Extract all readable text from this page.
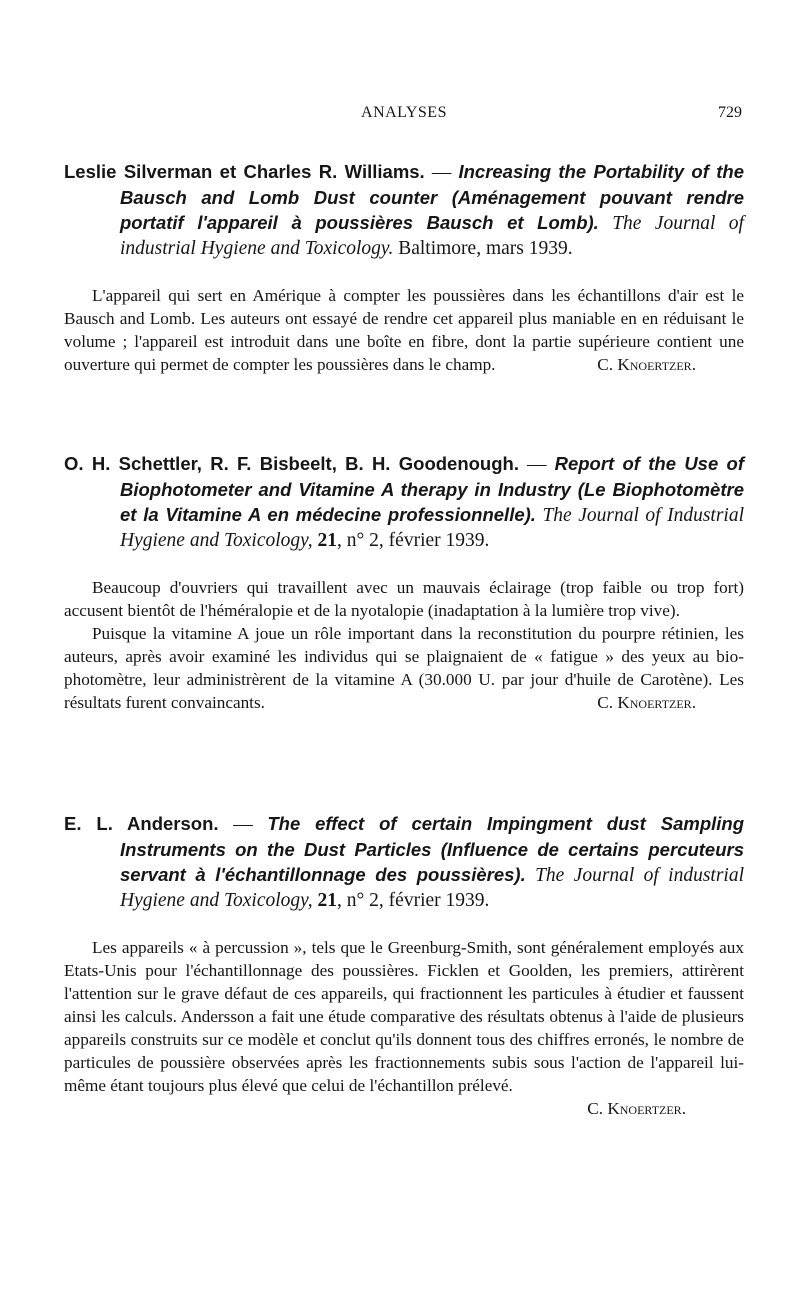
ANALYSES	729

Leslie Silverman et Charles R. Williams. — Increasing the Portability of the Bausch and Lomb Dust counter (Aménagement pouvant rendre portatif l'appareil à poussières Bausch et Lomb). The Journal of industrial Hygiene and Toxicology. Baltimore, mars 1939.

L'appareil qui sert en Amérique à compter les poussières dans les échantillons d'air est le Bausch and Lomb. Les auteurs ont essayé de rendre cet appareil plus maniable en en réduisant le volume ; l'appareil est introduit dans une boîte en fibre, dont la partie supérieure contient une ouverture qui permet de compter les poussières dans le champ.	C. Knoertzer.

O. H. Schettler, R. F. Bisbeelt, B. H. Goodenough. — Report of the Use of Biophotometer and Vitamine A therapy in Industry (Le Biophotomètre et la Vitamine A en médecine professionnelle). The Journal of Industrial Hygiene and Toxicology, 21, n° 2, février 1939.

Beaucoup d'ouvriers qui travaillent avec un mauvais éclairage (trop faible ou trop fort) accusent bientôt de l'héméralopie et de la nyotalopie (inadaptation à la lumière trop vive).

Puisque la vitamine A joue un rôle important dans la reconstitution du pourpre rétinien, les auteurs, après avoir examiné les individus qui se plaignaient de « fatigue » des yeux au bio-photomètre, leur administrèrent de la vitamine A (30.000 U. par jour d'huile de Carotène). Les résultats furent convaincants.	C. Knoertzer.

E. L. Anderson. — The effect of certain Impingment dust Sampling Instruments on the Dust Particles (Influence de certains percuteurs servant à l'échantillonnage des poussières). The Journal of industrial Hygiene and Toxicology, 21, n° 2, février 1939.

Les appareils « à percussion », tels que le Greenburg-Smith, sont généralement employés aux Etats-Unis pour l'échantillonnage des poussières. Ficklen et Goolden, les premiers, attirèrent l'attention sur le grave défaut de ces appareils, qui fractionnent les particules à étudier et faussent ainsi les calculs. Andersson a fait une étude comparative des résultats obtenus à l'aide de plusieurs appareils construits sur ce modèle et conclut qu'ils donnent tous des chiffres erronés, le nombre de particules de poussière observées après les fractionnements subis sous l'action de l'appareil lui-même étant toujours plus élevé que celui de l'échantillon prélevé.

C. Knoertzer.
